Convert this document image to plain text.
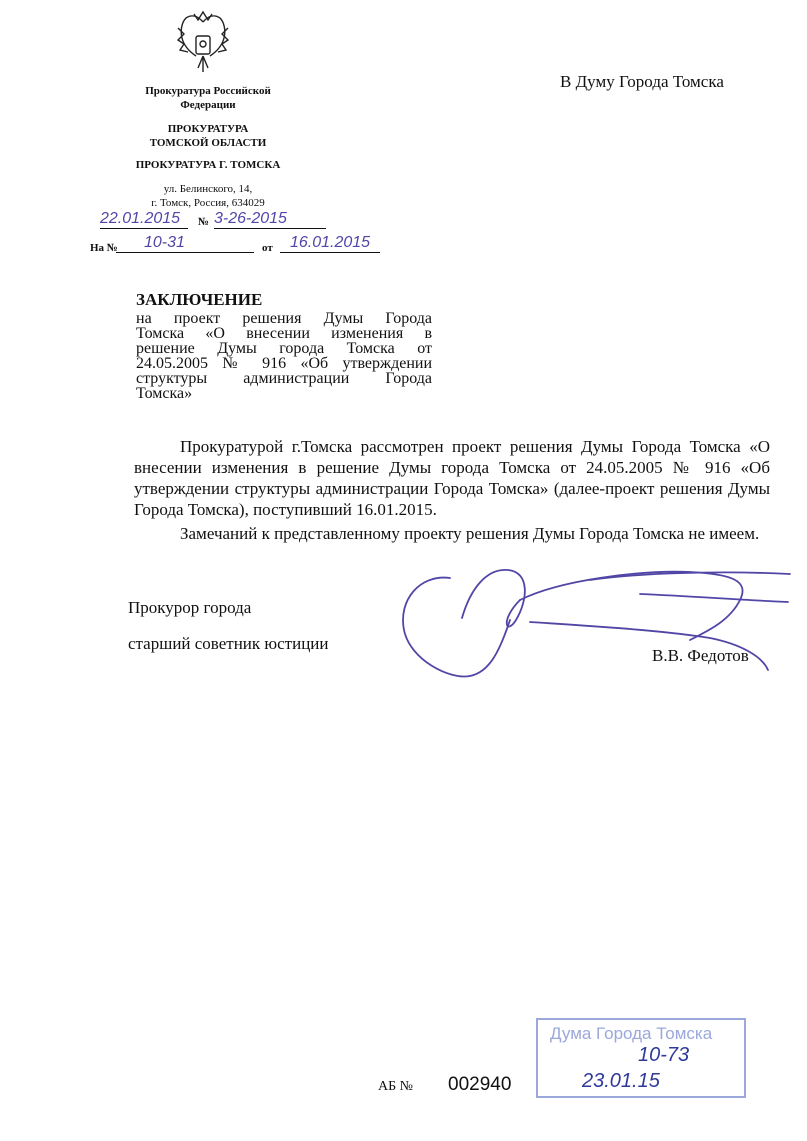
Прокуратура Российской
Федерации
ПРОКУРАТУРА
ТОМСКОЙ ОБЛАСТИ
ПРОКУРАТУРА Г. ТОМСКА
ул. Белинского, 14,
г. Томск, Россия, 634029
22.01.2015	№ 3-26-2015
На №	10-31	от	16.01.2015
В Думу Города Томска
ЗАКЛЮЧЕНИЕ
на проект решения Думы Города
Томска «О внесении изменения в
решение Думы города Томска от
24.05.2005 № 916 «Об утверждении
структуры администрации Города
Томска»
Прокуратурой г.Томска рассмотрен проект решения Думы Города Томска «О внесении изменения в решение Думы города Томска от 24.05.2005 № 916 «Об утверждении структуры администрации Города Томска» (далее-проект решения Думы Города Томска), поступивший 16.01.2015.
Замечаний к представленному проекту решения Думы Города Томска не имеем.
Прокурор города
старший советник юстиции
В.В. Федотов
АБ № 002940
Дума Города Томска
10-73
23.01.15
